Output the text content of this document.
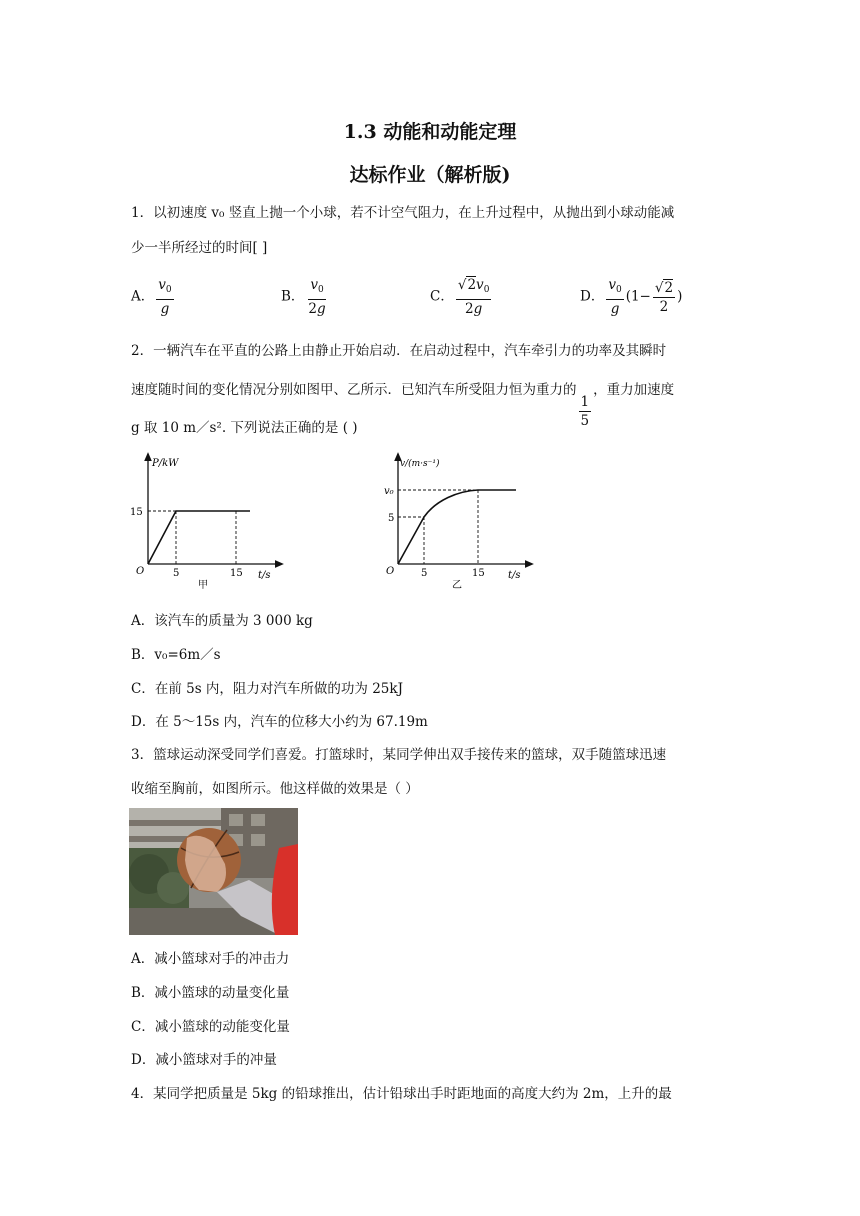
1.3 动能和动能定理
达标作业（解析版)
1．以初速度 v₀ 竖直上抛一个小球，若不计空气阻力，在上升过程中，从抛出到小球动能减
少一半所经过的时间[ ]
A． $\frac{v_0}{g}$	B． $\frac{v_0}{2g}$	C． $\frac{√2v_0}{2g}$	D． $\frac{v_0}{g} (1- \frac{√2}{2}$ )
2．一辆汽车在平直的公路上由静止开始启动．在启动过程中，汽车牵引力的功率及其瞬时
速度随时间的变化情况分别如图甲、乙所示．已知汽车所受阻力恒为重力的
$\frac{1}{5}$
，重力加速度
g 取 10 m／s². 下列说法正确的是 ( )
P/kW
15
O	5	15 t/s
甲
v/(m·s⁻¹)
v₀
5
O	5	15 t/s
乙
A．该汽车的质量为 3 000 kg
B．v₀=6m／s
C．在前 5s 内，阻力对汽车所做的功为 25kJ
D．在 5～15s 内，汽车的位移大小约为 67.19m
3．篮球运动深受同学们喜爱。打篮球时，某同学伸出双手接传来的篮球，双手随篮球迅速
收缩至胸前，如图所示。他这样做的效果是（ ）
A．减小篮球对手的冲击力
B．减小篮球的动量变化量
C．减小篮球的动能变化量
D．减小篮球对手的冲量
4．某同学把质量是 5kg 的铅球推出，估计铅球出手时距地面的高度大约为 2m，上升的最
